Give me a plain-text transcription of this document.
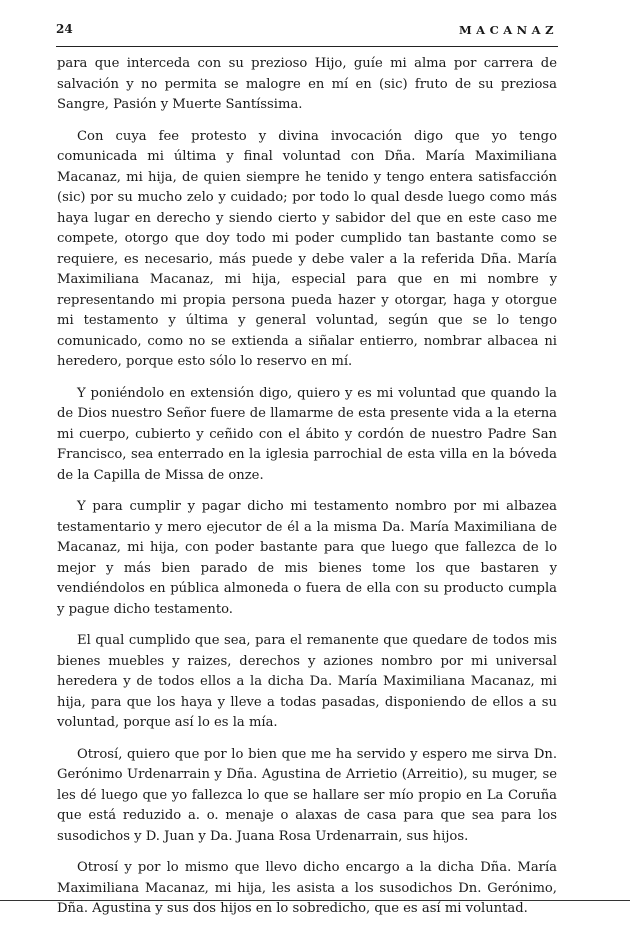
24	MACANAZ

para que interceda con su prezioso Hijo, guíe mi alma por carrera de salvación y no permita se malogre en mí en (sic) fruto de su preziosa Sangre, Pasión y Muerte Santíssima.

Con cuya fee protesto y divina invocación digo que yo tengo comunicada mi última y final voluntad con Dña. María Maximiliana Macanaz, mi hija, de quien siempre he tenido y tengo entera satisfacción (sic) por su mucho zelo y cuidado; por todo lo qual desde luego como más haya lugar en derecho y siendo cierto y sabidor del que en este caso me compete, otorgo que doy todo mi poder cumplido tan bastante como se requiere, es necesario, más puede y debe valer a la referida Dña. María Maximiliana Macanaz, mi hija, especial para que en mi nombre y representando mi propia persona pueda hazer y otorgar, haga y otorgue mi testamento y última y general voluntad, según que se lo tengo comunicado, como no se extienda a siñalar entierro, nombrar albacea ni heredero, porque esto sólo lo reservo en mí.

Y poniéndolo en extensión digo, quiero y es mi voluntad que quando la de Dios nuestro Señor fuere de llamarme de esta presente vida a la eterna mi cuerpo, cubierto y ceñido con el ábito y cordón de nuestro Padre San Francisco, sea enterrado en la iglesia parrochial de esta villa en la bóveda de la Capilla de Missa de onze.

Y para cumplir y pagar dicho mi testamento nombro por mi albazea testamentario y mero ejecutor de él a la misma Da. María Maximiliana de Macanaz, mi hija, con poder bastante para que luego que fallezca de lo mejor y más bien parado de mis bienes tome los que bastaren y vendiéndolos en pública almoneda o fuera de ella con su producto cumpla y pague dicho testamento.

El qual cumplido que sea, para el remanente que quedare de todos mis bienes muebles y raizes, derechos y aziones nombro por mi universal heredera y de todos ellos a la dicha Da. María Maximiliana Macanaz, mi hija, para que los haya y lleve a todas pasadas, disponiendo de ellos a su voluntad, porque así lo es la mía.

Otrosí, quiero que por lo bien que me ha servido y espero me sirva Dn. Gerónimo Urdenarrain y Dña. Agustina de Arrietio (Arreitio), su muger, se les dé luego que yo fallezca lo que se hallare ser mío propio en La Coruña que está reduzido a. o. menaje o alaxas de casa para que sea para los susodichos y D. Juan y Da. Juana Rosa Urdenarrain, sus hijos.

Otrosí y por lo mismo que llevo dicho encargo a la dicha Dña. María Maximiliana Macanaz, mi hija, les asista a los susodichos Dn. Gerónimo, Dña. Agustina y sus dos hijos en lo sobredicho, que es así mi voluntad.
